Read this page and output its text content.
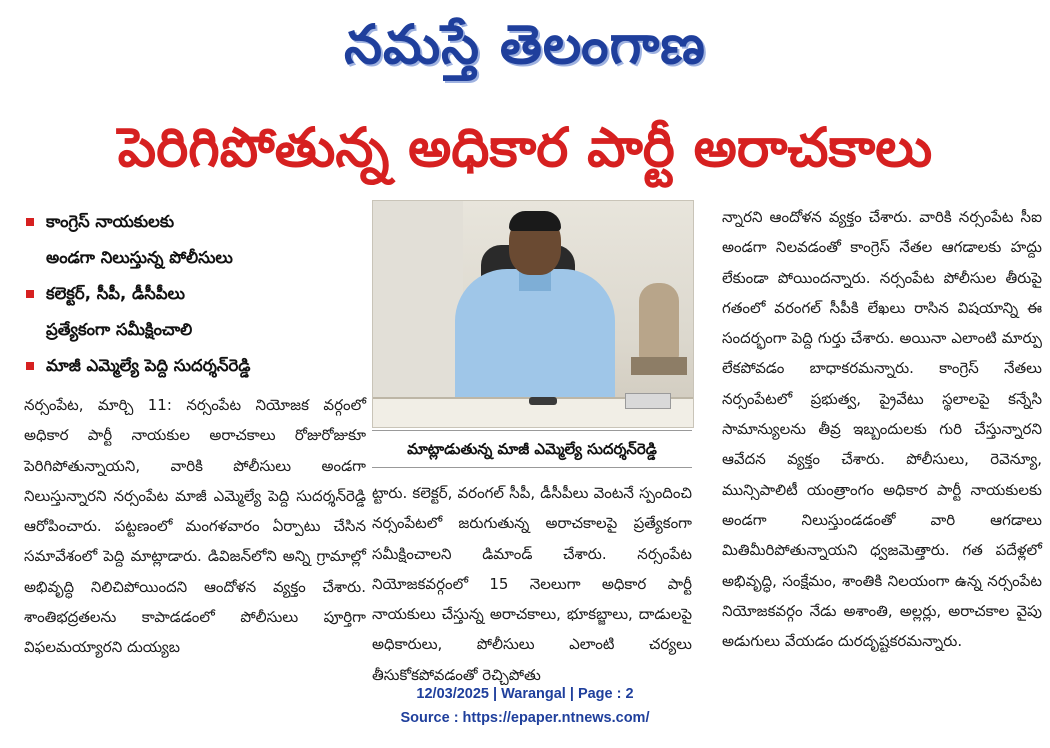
నమస్తే తెలంగాణ
పెరిగిపోతున్న అధికార పార్టీ అరాచకాలు
కాంగ్రెస్ నాయకులకు
అండగా నిలుస్తున్న పోలీసులు
కలెక్టర్, సీపీ, డీసీపీలు
ప్రత్యేకంగా సమీక్షించాలి
మాజీ ఎమ్మెల్యే పెద్ది సుదర్శన్‌రెడ్డి
నర్సంపేట, మార్చి 11: నర్సంపేట నియోజక వర్గంలో అధికార పార్టీ నాయకుల అరాచకాలు రోజురోజుకూ పెరిగిపోతున్నాయని, వారికి పోలీసులు అండగా నిలుస్తున్నారని నర్సంపేట మాజీ ఎమ్మెల్యే పెద్ది సుదర్శన్‌రెడ్డి ఆరోపించారు. పట్టణంలో మంగళవారం ఏర్పాటు చేసిన సమావేశంలో పెద్ది మాట్లాడారు. డివిజన్‌లోని అన్ని గ్రామాల్లో అభివృద్ధి నిలిచిపోయిందని ఆందోళన వ్యక్తం చేశారు. శాంతిభద్రతలను కాపాడడంలో పోలీసులు పూర్తిగా విఫలమయ్యారని దుయ్యబ
మాట్లాడుతున్న మాజీ ఎమ్మెల్యే సుదర్శన్‌రెడ్డి
ట్టారు. కలెక్టర్, వరంగల్ సీపీ, డీసీపీలు వెంటనే స్పందించి నర్సంపేటలో జరుగుతున్న అరాచకాలపై ప్రత్యేకంగా సమీక్షించాలని డిమాండ్ చేశారు. నర్సంపేట నియోజకవర్గంలో 15 నెలలుగా అధికార పార్టీ నాయకులు చేస్తున్న అరాచకాలు, భూకబ్జాలు, దాడులపై అధికారులు, పోలీసులు ఎలాంటి చర్యలు తీసుకోకపోవడంతో రెచ్చిపోతు
న్నారని ఆందోళన వ్యక్తం చేశారు. వారికి నర్సంపేట సీఐ అండగా నిలవడంతో కాంగ్రెస్ నేతల ఆగడాలకు హద్దు లేకుండా పోయిందన్నారు. నర్సంపేట పోలీసుల తీరుపై గతంలో వరంగల్ సీపీకి లేఖలు రాసిన విషయాన్ని ఈ సందర్భంగా పెద్ది గుర్తు చేశారు. అయినా ఎలాంటి మార్పు లేకపోవడం బాధాకరమన్నారు. కాంగ్రెస్ నేతలు నర్సంపేటలో ప్రభుత్వ, ప్రైవేటు స్థలాలపై కన్నేసి సామాన్యులను తీవ్ర ఇబ్బందులకు గురి చేస్తున్నారని ఆవేదన వ్యక్తం చేశారు. పోలీసులు, రెవెన్యూ, మున్సిపాలిటీ యంత్రాంగం అధికార పార్టీ నాయకులకు అండగా నిలుస్తుండడంతో వారి ఆగడాలు మితిమీరిపోతున్నాయని ధ్వజమెత్తారు. గత పదేళ్లలో అభివృద్ధి, సంక్షేమం, శాంతికి నిలయంగా ఉన్న నర్సంపేట నియోజకవర్గం నేడు అశాంతి, అల్లర్లు, అరాచకాల వైపు అడుగులు వేయడం దురదృష్టకరమన్నారు.
12/03/2025 | Warangal | Page : 2
Source : https://epaper.ntnews.com/
